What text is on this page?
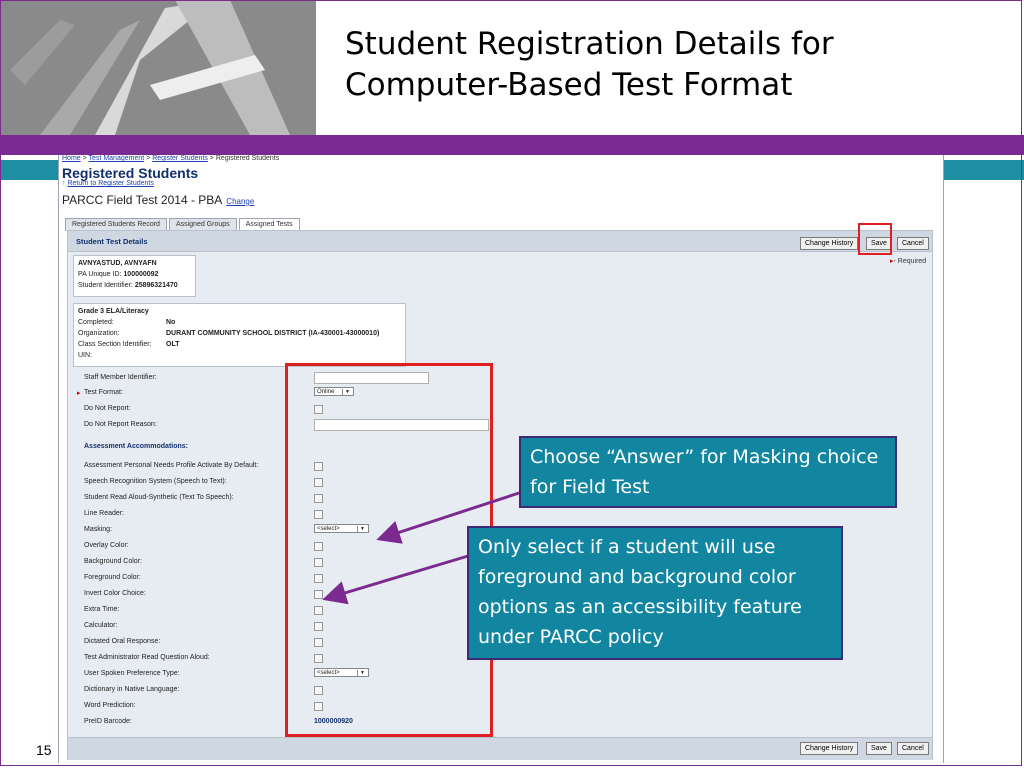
Student Registration Details for
Computer-Based Test Format
Home > Test Management > Register Students > Registered Students
Registered Students
↑ Return to Register Students
PARCC Field Test 2014 - PBA Change
Registered Students Record	Assigned Groups	Assigned Tests
Student Test Details	Change History	Save	Cancel
▸ - Required
AVNYASTUD, AVNYAFN
PA Unique ID: 100000092
Student Identifier: 25896321470
Grade 3 ELA/Literacy
Completed:	No
Organization:	DURANT COMMUNITY SCHOOL DISTRICT (IA-430001-43000010)
Class Section Identifier:	OLT
UIN:
Staff Member Identifier:
▸ Test Format:	Online	▼
Do Not Report:
Do Not Report Reason:
Assessment Accommodations:
Assessment Personal Needs Profile Activate By Default:
Speech Recognition System (Speech to Text):
Student Read Aloud-Synthetic (Text To Speech):
Line Reader:
Masking:	<select>	▼
Overlay Color:
Background Color:
Foreground Color:
Invert Color Choice:
Extra Time:
Calculator:
Dictated Oral Response:
Test Administrator Read Question Aloud:
User Spoken Preference Type:	<select>	▼
Dictionary in Native Language:
Word Prediction:
PreID Barcode:	1000000920
Change History	Save	Cancel
Choose “Answer” for Masking choice for Field Test
Only select if a student will use foreground and background color options as an accessibility feature under PARCC policy
15
